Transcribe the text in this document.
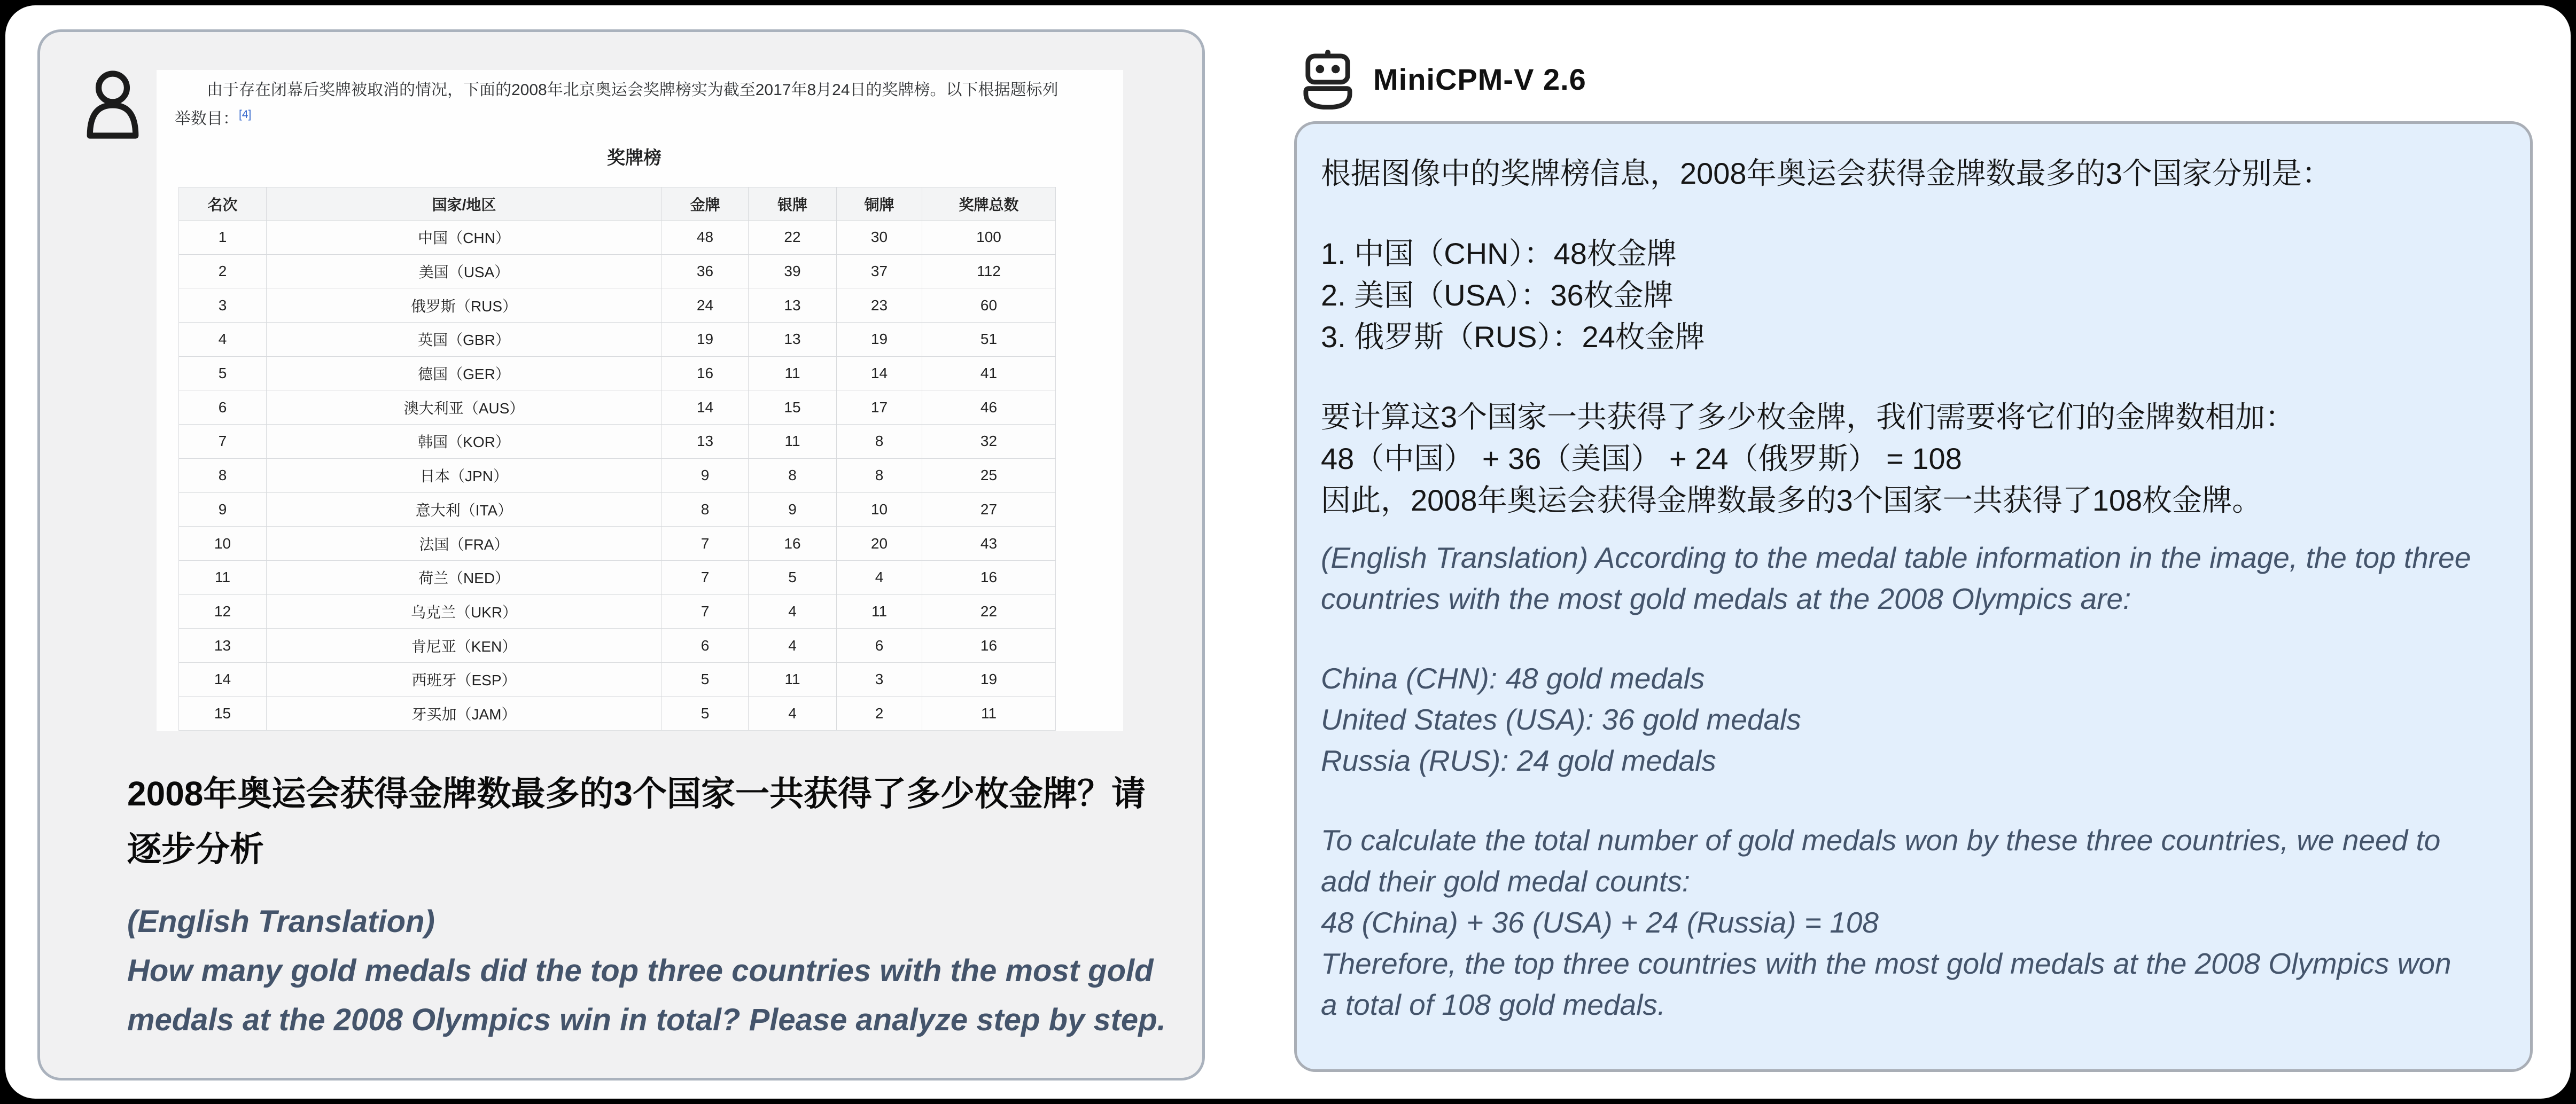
由于存在闭幕后奖牌被取消的情况，下面的2008年北京奥运会奖牌榜实为截至2017年8月24日的奖牌榜。以下根据题标列举数目：[4]

奖牌榜
名次	国家/地区	金牌	银牌	铜牌	奖牌总数
1	中国（CHN）	48	22	30	100
2	美国（USA）	36	39	37	112
3	俄罗斯（RUS）	24	13	23	60
4	英国（GBR）	19	13	19	51
5	德国（GER）	16	11	14	41
6	澳大利亚（AUS）	14	15	17	46
7	韩国（KOR）	13	11	8	32
8	日本（JPN）	9	8	8	25
9	意大利（ITA）	8	9	10	27
10	法国（FRA）	7	16	20	43
11	荷兰（NED）	7	5	4	16
12	乌克兰（UKR）	7	4	11	22
13	肯尼亚（KEN）	6	4	6	16
14	西班牙（ESP）	5	11	3	19
15	牙买加（JAM）	5	4	2	11
2008年奥运会获得金牌数最多的3个国家一共获得了多少枚金牌？请逐步分析

(English Translation)

How many gold medals did the top three countries with the most gold medals at the 2008 Olympics win in total? Please analyze step by step.

MiniCPM-V 2.6

根据图像中的奖牌榜信息，2008年奥运会获得金牌数最多的3个国家分别是：

1. 中国（CHN）：48枚金牌
2. 美国（USA）：36枚金牌
3. 俄罗斯（RUS）：24枚金牌

要计算这3个国家一共获得了多少枚金牌，我们需要将它们的金牌数相加：
48（中国） + 36（美国） + 24（俄罗斯） = 108
因此，2008年奥运会获得金牌数最多的3个国家一共获得了108枚金牌。

(English Translation) According to the medal table information in the image, the top three countries with the most gold medals at the 2008 Olympics are:

China (CHN): 48 gold medals
United States (USA): 36 gold medals
Russia (RUS): 24 gold medals

To calculate the total number of gold medals won by these three countries, we need to add their gold medal counts:
48 (China) + 36 (USA) + 24 (Russia) = 108
Therefore, the top three countries with the most gold medals at the 2008 Olympics won a total of 108 gold medals.
